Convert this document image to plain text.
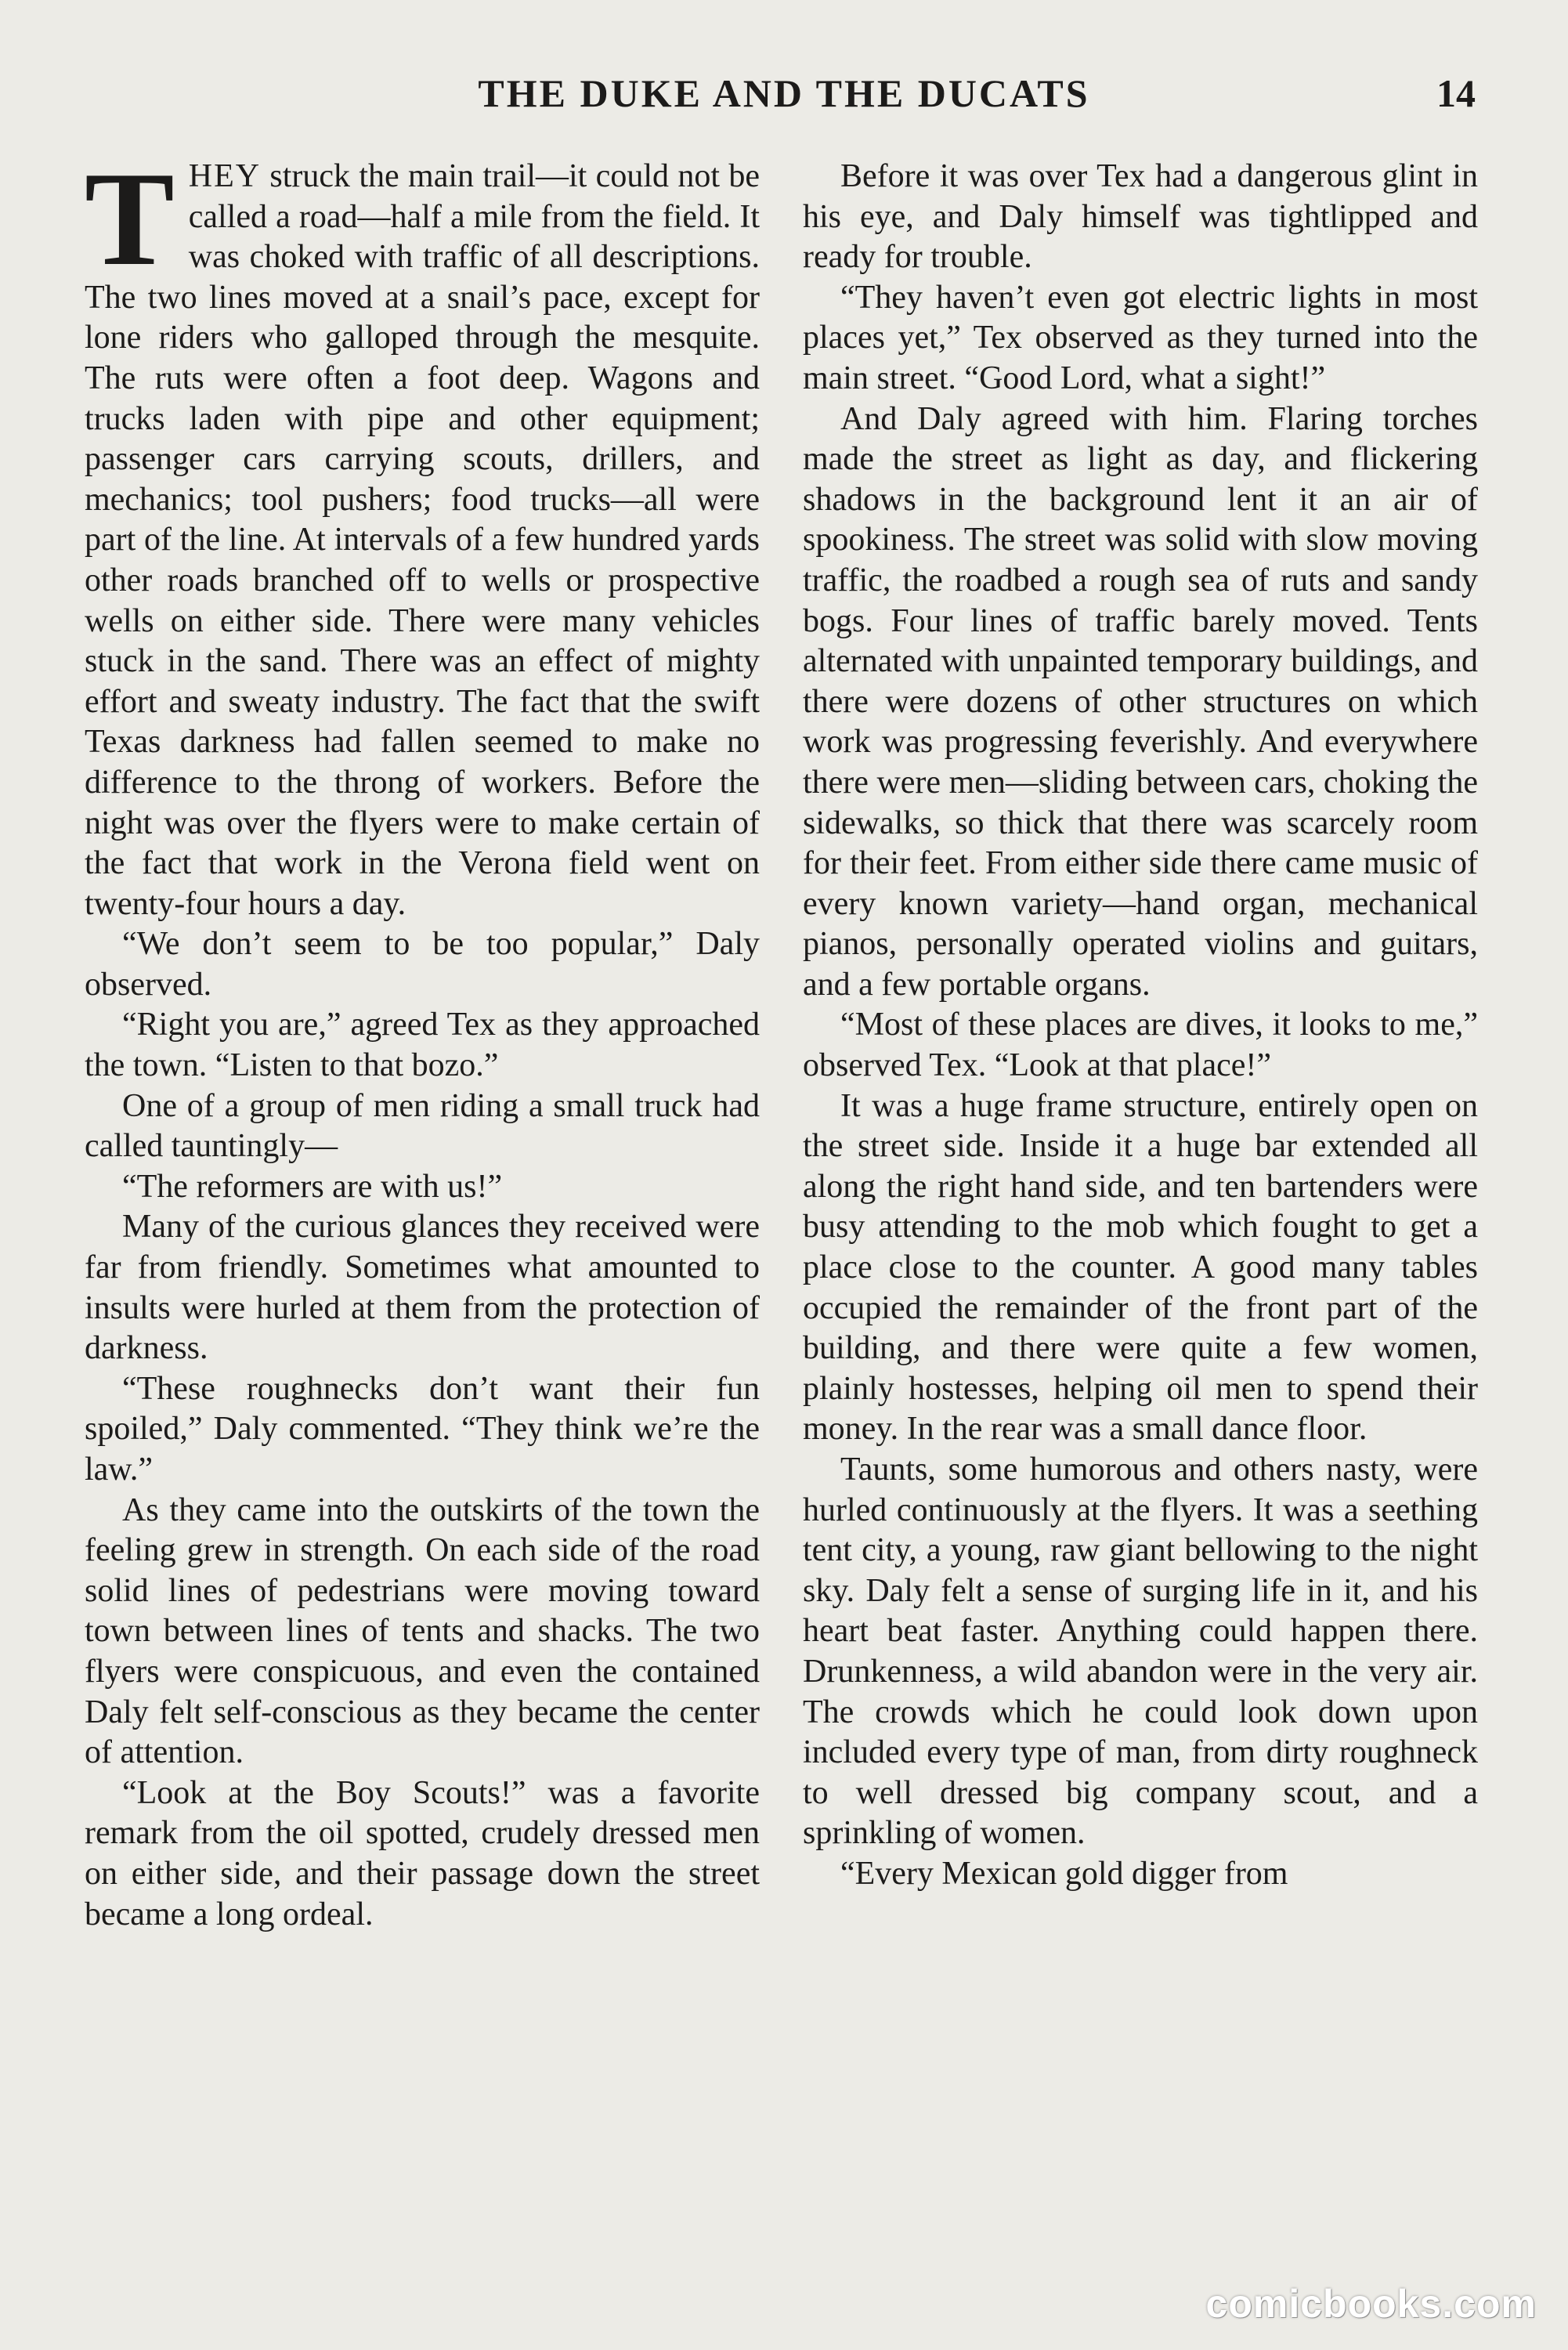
THE DUKE AND THE DUCATS	14

THEY struck the main trail—it could not be called a road—half a mile from the field. It was choked with traffic of all descriptions. The two lines moved at a snail’s pace, except for lone riders who galloped through the mesquite. The ruts were often a foot deep. Wagons and trucks laden with pipe and other equipment; passenger cars carrying scouts, drillers, and mechanics; tool pushers; food trucks—all were part of the line. At intervals of a few hundred yards other roads branched off to wells or prospective wells on either side. There were many vehicles stuck in the sand. There was an effect of mighty effort and sweaty industry. The fact that the swift Texas darkness had fallen seemed to make no difference to the throng of workers. Before the night was over the flyers were to make certain of the fact that work in the Verona field went on twenty-four hours a day.

“We don’t seem to be too popular,” Daly observed.

“Right you are,” agreed Tex as they approached the town. “Listen to that bozo.”

One of a group of men riding a small truck had called tauntingly—

“The reformers are with us!”

Many of the curious glances they received were far from friendly. Sometimes what amounted to insults were hurled at them from the protection of darkness.

“These roughnecks don’t want their fun spoiled,” Daly commented. “They think we’re the law.”

As they came into the outskirts of the town the feeling grew in strength. On each side of the road solid lines of pedestrians were moving toward town between lines of tents and shacks. The two flyers were conspicuous, and even the contained Daly felt self-conscious as they became the center of attention.

“Look at the Boy Scouts!” was a favorite remark from the oil spotted, crudely dressed men on either side, and their passage down the street became a long ordeal.

Before it was over Tex had a dangerous glint in his eye, and Daly himself was tightlipped and ready for trouble.

“They haven’t even got electric lights in most places yet,” Tex observed as they turned into the main street. “Good Lord, what a sight!”

And Daly agreed with him. Flaring torches made the street as light as day, and flickering shadows in the background lent it an air of spookiness. The street was solid with slow moving traffic, the roadbed a rough sea of ruts and sandy bogs. Four lines of traffic barely moved. Tents alternated with unpainted temporary buildings, and there were dozens of other structures on which work was progressing feverishly. And everywhere there were men—sliding between cars, choking the sidewalks, so thick that there was scarcely room for their feet. From either side there came music of every known variety—hand organ, mechanical pianos, personally operated violins and guitars, and a few portable organs.

“Most of these places are dives, it looks to me,” observed Tex. “Look at that place!”

It was a huge frame structure, entirely open on the street side. Inside it a huge bar extended all along the right hand side, and ten bartenders were busy attending to the mob which fought to get a place close to the counter. A good many tables occupied the remainder of the front part of the building, and there were quite a few women, plainly hostesses, helping oil men to spend their money. In the rear was a small dance floor.

Taunts, some humorous and others nasty, were hurled continuously at the flyers. It was a seething tent city, a young, raw giant bellowing to the night sky. Daly felt a sense of surging life in it, and his heart beat faster. Anything could happen there. Drunkenness, a wild abandon were in the very air. The crowds which he could look down upon included every type of man, from dirty roughneck to well dressed big company scout, and a sprinkling of women.

“Every Mexican gold digger from

comicbooks.com
